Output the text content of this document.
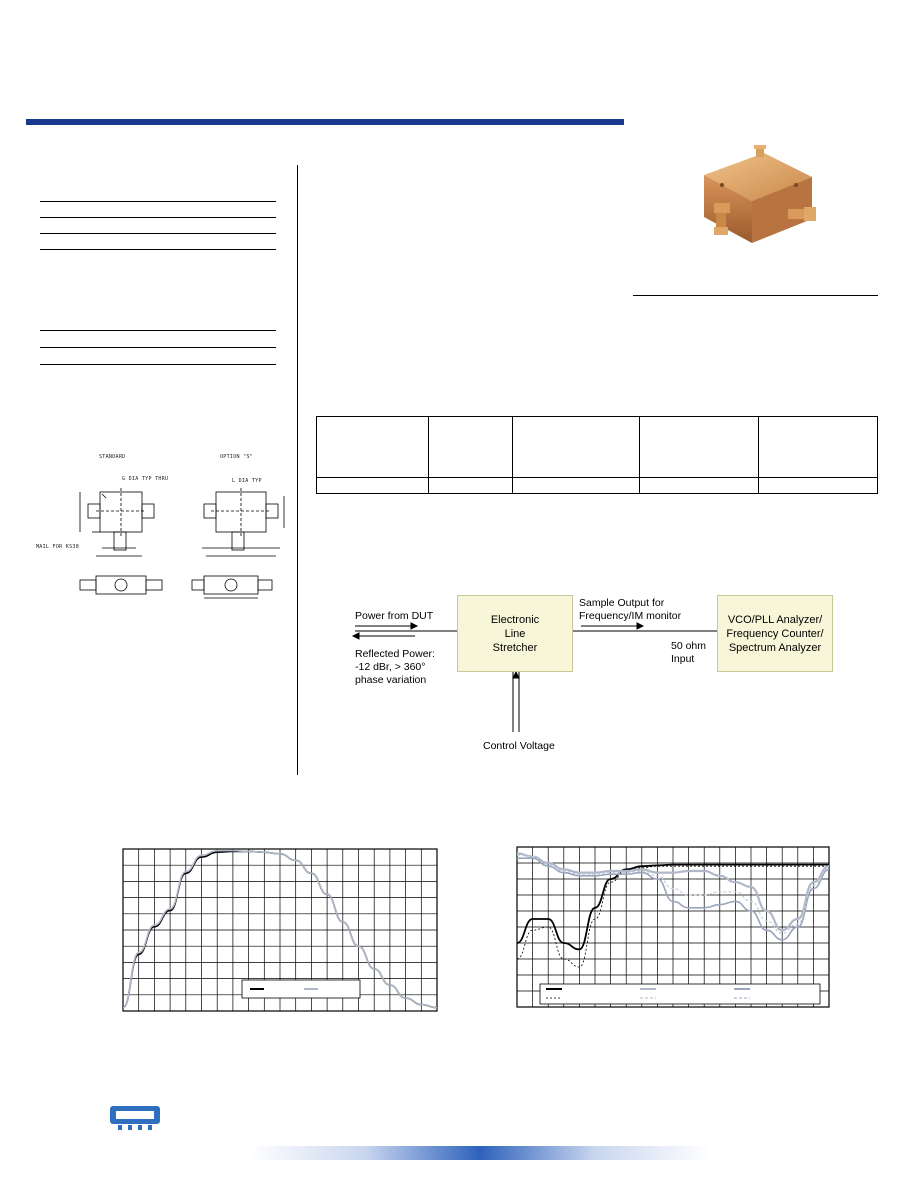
STANDARD	OPTION "S"
G DIA TYP THRU	L DIA TYP
MAIL FOR KS38
Electronic
Line
Stretcher
VCO/PLL Analyzer/
Frequency Counter/
Spectrum Analyzer
Power from DUT
Reflected Power:
-12 dBr, > 360°
phase variation
Sample Output for
Frequency/IM monitor
50 ohm
Input
Control Voltage
